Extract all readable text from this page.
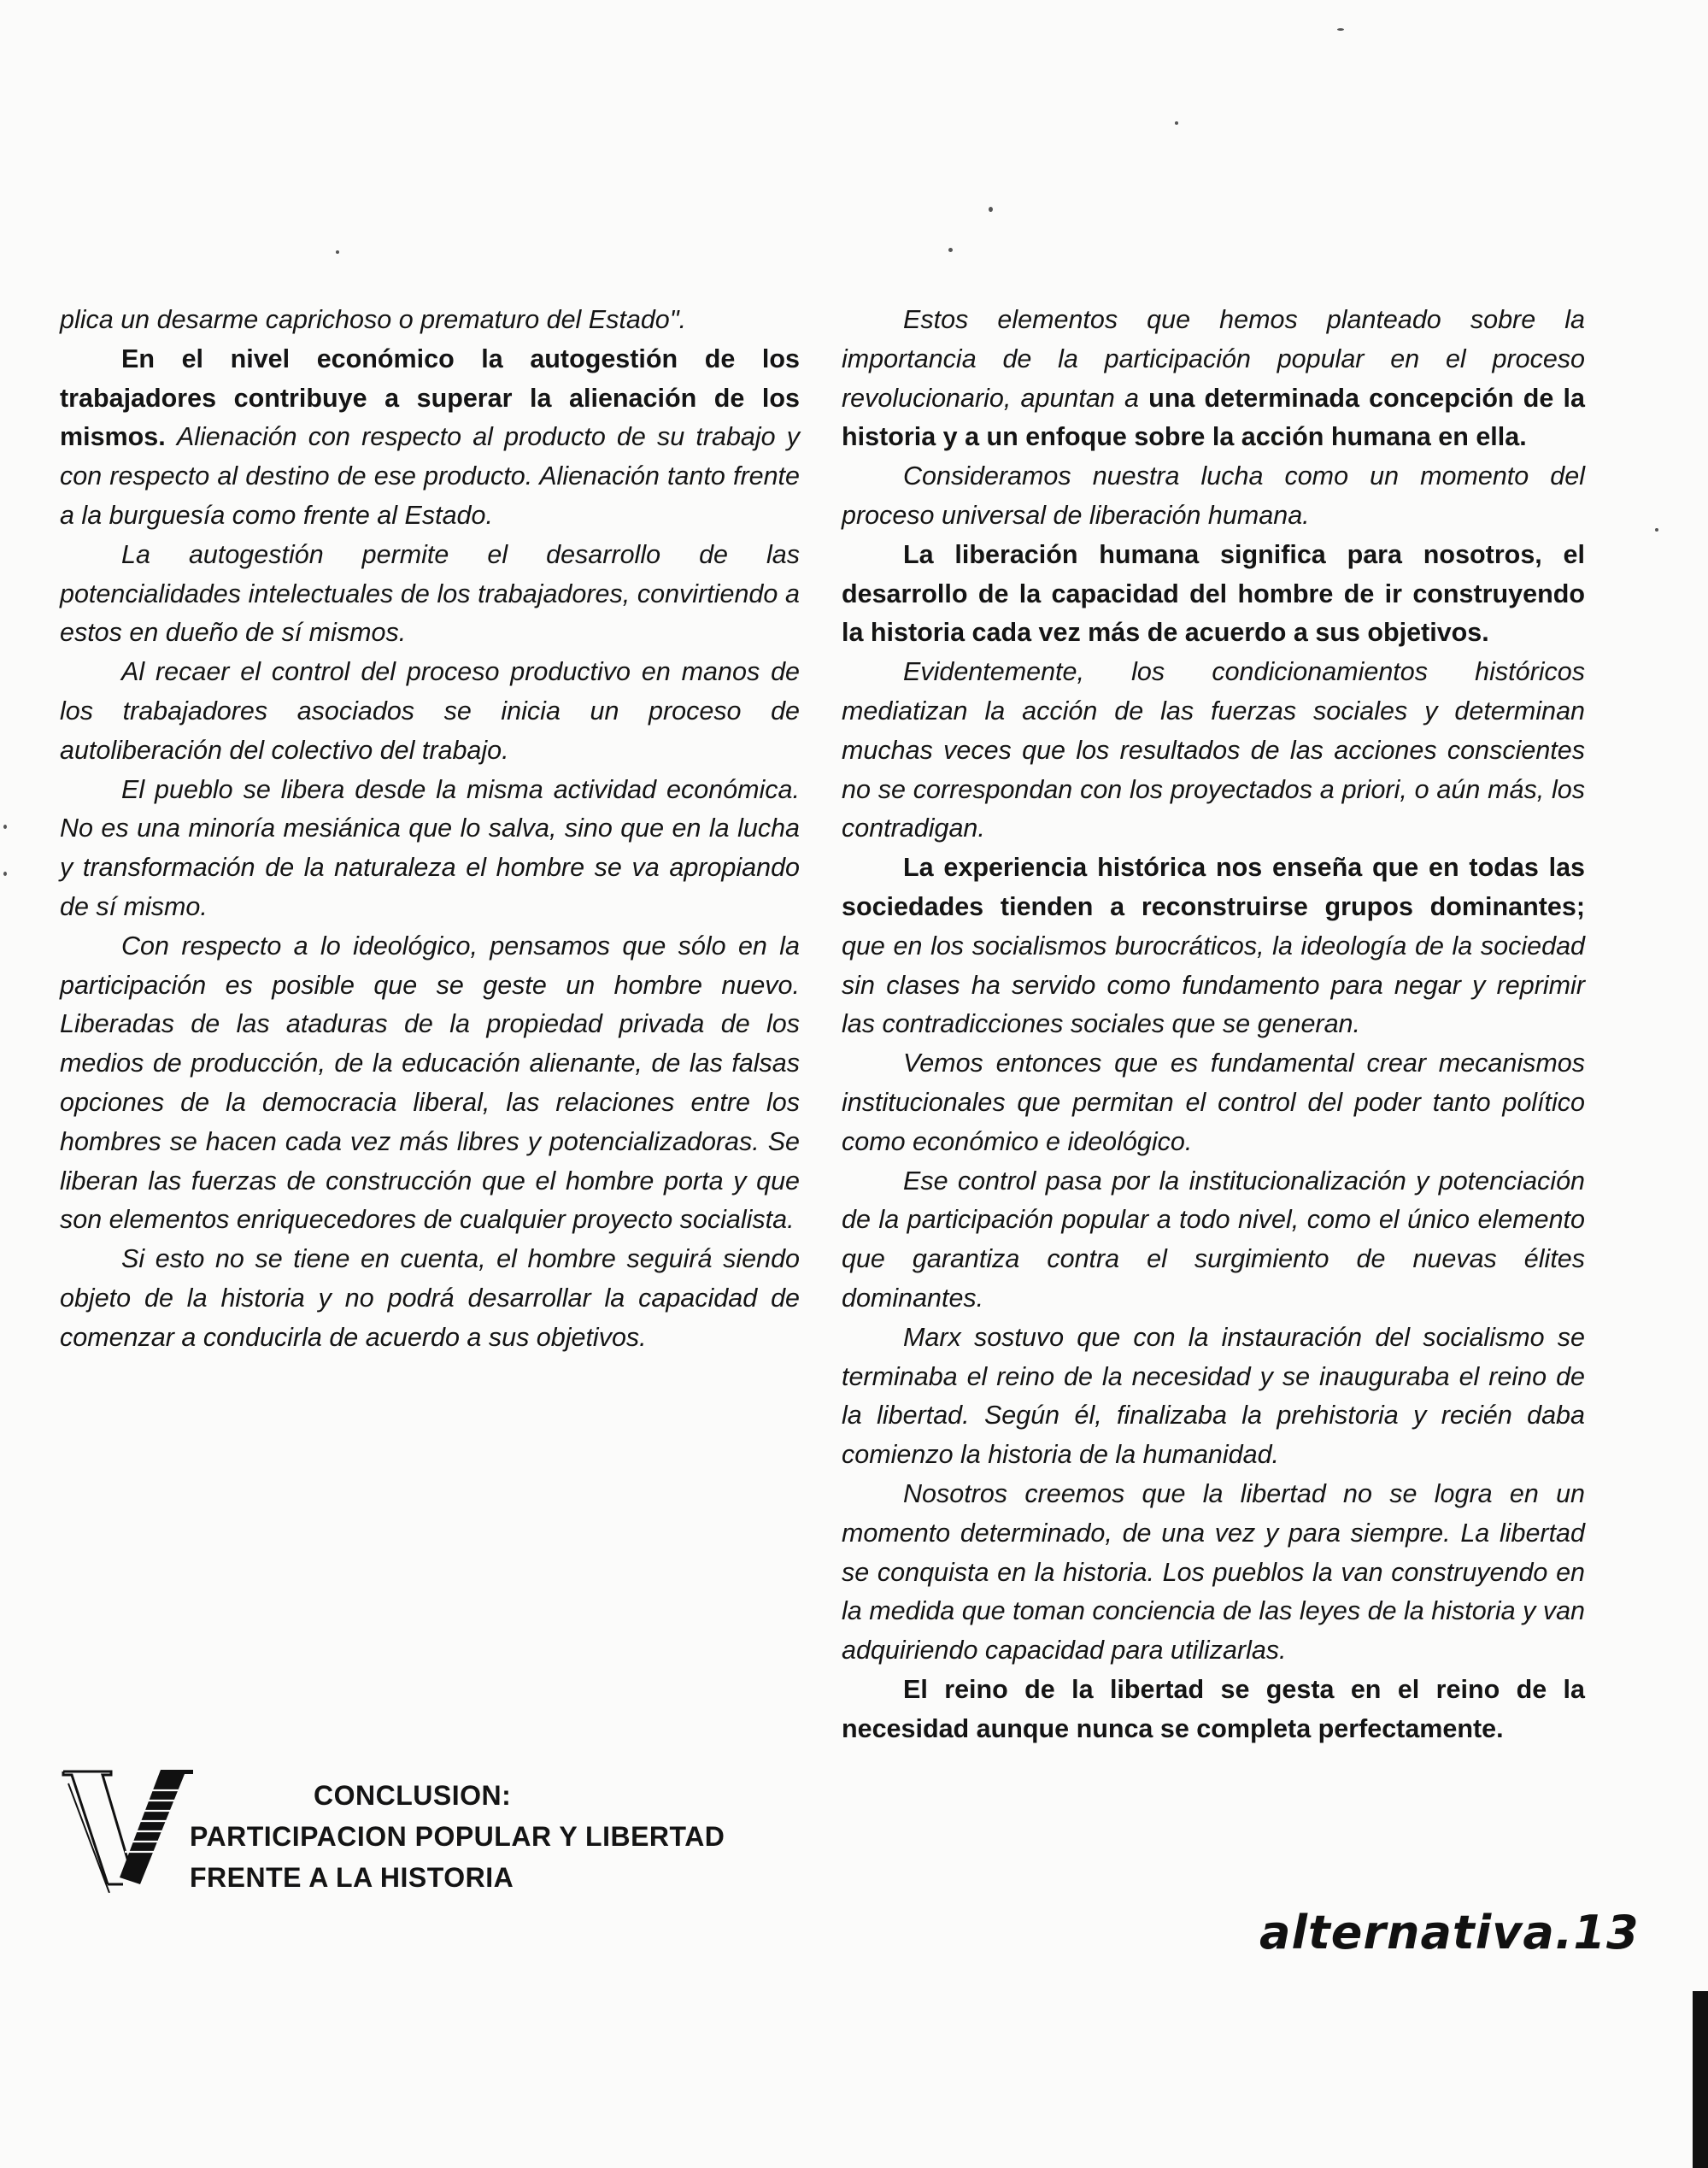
plica un desarme caprichoso o prematuro del Estado".

En el nivel económico la autogestión de los trabajadores contribuye a superar la alienación de los mismos. Alienación con respecto al producto de su trabajo y con respecto al destino de ese producto. Alienación tanto frente a la burguesía como frente al Estado.

La autogestión permite el desarrollo de las potencialidades intelectuales de los trabajadores, convirtiendo a estos en dueño de sí mismos.

Al recaer el control del proceso productivo en manos de los trabajadores asociados se inicia un proceso de autoliberación del colectivo del trabajo.

El pueblo se libera desde la misma actividad económica. No es una minoría mesiánica que lo salva, sino que en la lucha y transformación de la naturaleza el hombre se va apropiando de sí mismo.

Con respecto a lo ideológico, pensamos que sólo en la participación es posible que se geste un hombre nuevo. Liberadas de las ataduras de la propiedad privada de los medios de producción, de la educación alienante, de las falsas opciones de la democracia liberal, las relaciones entre los hombres se hacen cada vez más libres y potencializadoras. Se liberan las fuerzas de construcción que el hombre porta y que son elementos enriquecedores de cualquier proyecto socialista.

Si esto no se tiene en cuenta, el hombre seguirá siendo objeto de la historia y no podrá desarrollar la capacidad de comenzar a conducirla de acuerdo a sus objetivos.

Estos elementos que hemos planteado sobre la importancia de la participación popular en el proceso revolucionario, apuntan a una determinada concepción de la historia y a un enfoque sobre la acción humana en ella.

Consideramos nuestra lucha como un momento del proceso universal de liberación humana.

La liberación humana significa para nosotros, el desarrollo de la capacidad del hombre de ir construyendo la historia cada vez más de acuerdo a sus objetivos.

Evidentemente, los condicionamientos históricos mediatizan la acción de las fuerzas sociales y determinan muchas veces que los resultados de las acciones conscientes no se correspondan con los proyectados a priori, o aún más, los contradigan.

La experiencia histórica nos enseña que en todas las sociedades tienden a reconstruirse grupos dominantes; que en los socialismos burocráticos, la ideología de la sociedad sin clases ha servido como fundamento para negar y reprimir las contradicciones sociales que se generan.

Vemos entonces que es fundamental crear mecanismos institucionales que permitan el control del poder tanto político como económico e ideológico.

Ese control pasa por la institucionalización y potenciación de la participación popular a todo nivel, como el único elemento que garantiza contra el surgimiento de nuevas élites dominantes.

Marx sostuvo que con la instauración del socialismo se terminaba el reino de la necesidad y se inauguraba el reino de la libertad. Según él, finalizaba la prehistoria y recién daba comienzo la historia de la humanidad.

Nosotros creemos que la libertad no se logra en un momento determinado, de una vez y para siempre. La libertad se conquista en la historia. Los pueblos la van construyendo en la medida que toman conciencia de las leyes de la historia y van adquiriendo capacidad para utilizarlas.

El reino de la libertad se gesta en el reino de la necesidad aunque nunca se completa perfectamente.

CONCLUSION:
PARTICIPACION POPULAR Y LIBERTAD
FRENTE A LA HISTORIA
alternativa.13
